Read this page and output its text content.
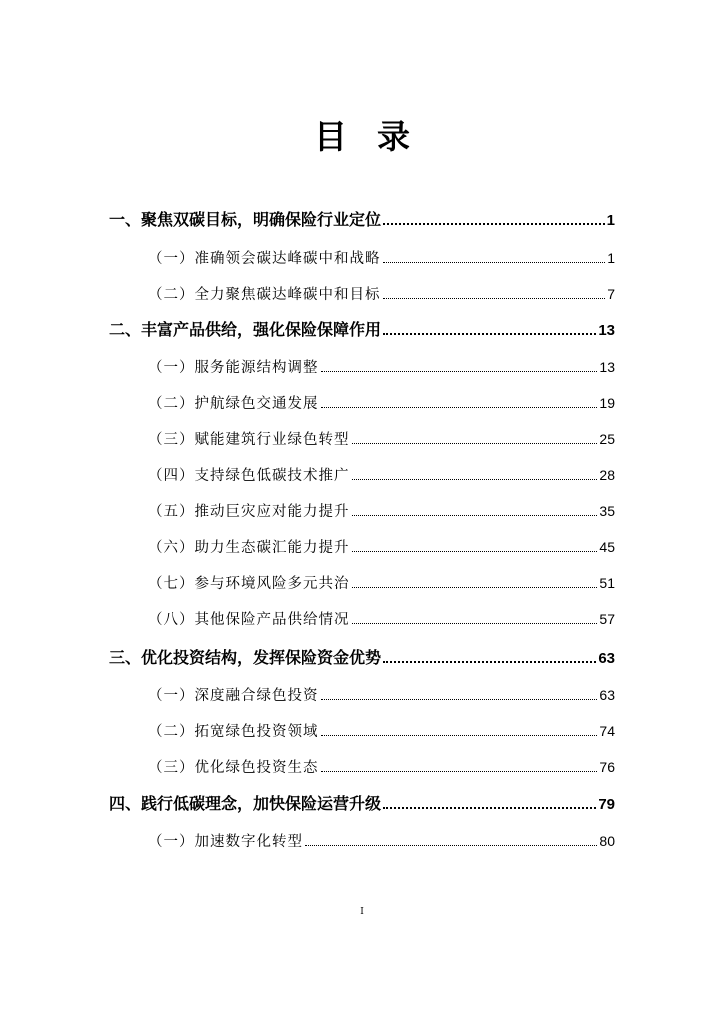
目 录
一、聚焦双碳目标，明确保险行业定位	1
（一）准确领会碳达峰碳中和战略	1
（二）全力聚焦碳达峰碳中和目标	7
二、丰富产品供给，强化保险保障作用	13
（一）服务能源结构调整	13
（二）护航绿色交通发展	19
（三）赋能建筑行业绿色转型	25
（四）支持绿色低碳技术推广	28
（五）推动巨灾应对能力提升	35
（六）助力生态碳汇能力提升	45
（七）参与环境风险多元共治	51
（八）其他保险产品供给情况	57
三、优化投资结构，发挥保险资金优势	63
（一）深度融合绿色投资	63
（二）拓宽绿色投资领域	74
（三）优化绿色投资生态	76
四、践行低碳理念，加快保险运营升级	79
（一）加速数字化转型	80
I
